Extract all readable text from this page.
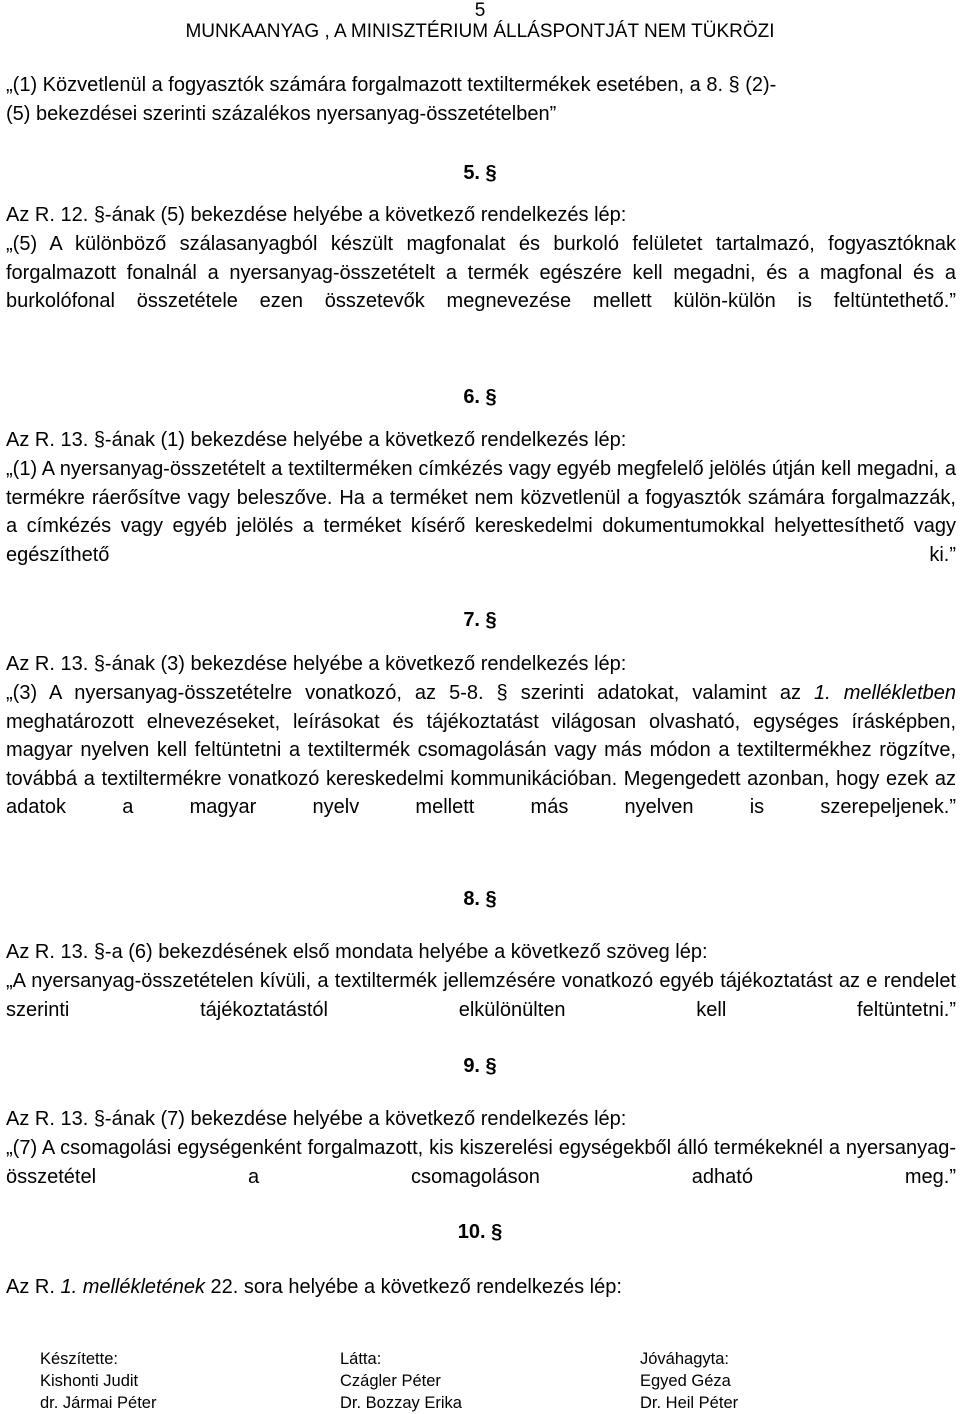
5
MUNKAANYAG , A MINISZTÉRIUM ÁLLÁSPONTJÁT NEM TÜKRÖZI
„(1) Közvetlenül a fogyasztók számára forgalmazott textiltermékek esetében, a 8. § (2)-
(5) bekezdései szerinti százalékos nyersanyag-összetételben”
5. §
Az R. 12. §-ának (5) bekezdése helyébe a következő rendelkezés lép:

„(5) A különböző szálasanyagból készült magfonalat és burkoló felületet tartalmazó, fogyasztóknak forgalmazott fonalnál a nyersanyag-összetételt a termék egészére kell megadni, és a magfonal és a burkolófonal összetétele ezen összetevők megnevezése mellett külön-külön is feltüntethető.”

6. §
Az R. 13. §-ának (1) bekezdése helyébe a következő rendelkezés lép:

„(1) A nyersanyag-összetételt a textilterméken címkézés vagy egyéb megfelelő jelölés útján kell megadni, a termékre ráerősítve vagy beleszőve. Ha a terméket nem közvetlenül a fogyasztók számára forgalmazzák, a címkézés vagy egyéb jelölés a terméket kísérő kereskedelmi dokumentumokkal helyettesíthető vagy egészíthető ki.”

7. §
Az R. 13. §-ának (3) bekezdése helyébe a következő rendelkezés lép:

„(3) A nyersanyag-összetételre vonatkozó, az 5-8. § szerinti adatokat, valamint az 1. mellékletben meghatározott elnevezéseket, leírásokat és tájékoztatást világosan olvasható, egységes írásképben, magyar nyelven kell feltüntetni a textiltermék csomagolásán vagy más módon a textiltermékhez rögzítve, továbbá a textiltermékre vonatkozó kereskedelmi kommunikációban. Megengedett azonban, hogy ezek az adatok a magyar nyelv mellett más nyelven is szerepeljenek.”

8. §
Az R. 13. §-a (6) bekezdésének első mondata helyébe a következő szöveg lép:

„A nyersanyag-összetételen kívüli, a textiltermék jellemzésére vonatkozó egyéb tájékoztatást az e rendelet szerinti tájékoztatástól elkülönülten kell feltüntetni.”

9. §
Az R. 13. §-ának (7) bekezdése helyébe a következő rendelkezés lép:

„(7) A csomagolási egységenként forgalmazott, kis kiszerelési egységekből álló termékeknél a nyersanyag-összetétel a csomagoláson adható meg.”

10. §
Az R. 1. mellékletének 22. sora helyébe a következő rendelkezés lép:
Készítette:
Kishonti Judit
dr. Jármai Péter
Látta:
Czágler Péter
Dr. Bozzay Erika
Jóváhagyta:
Egyed Géza
Dr. Heil Péter
